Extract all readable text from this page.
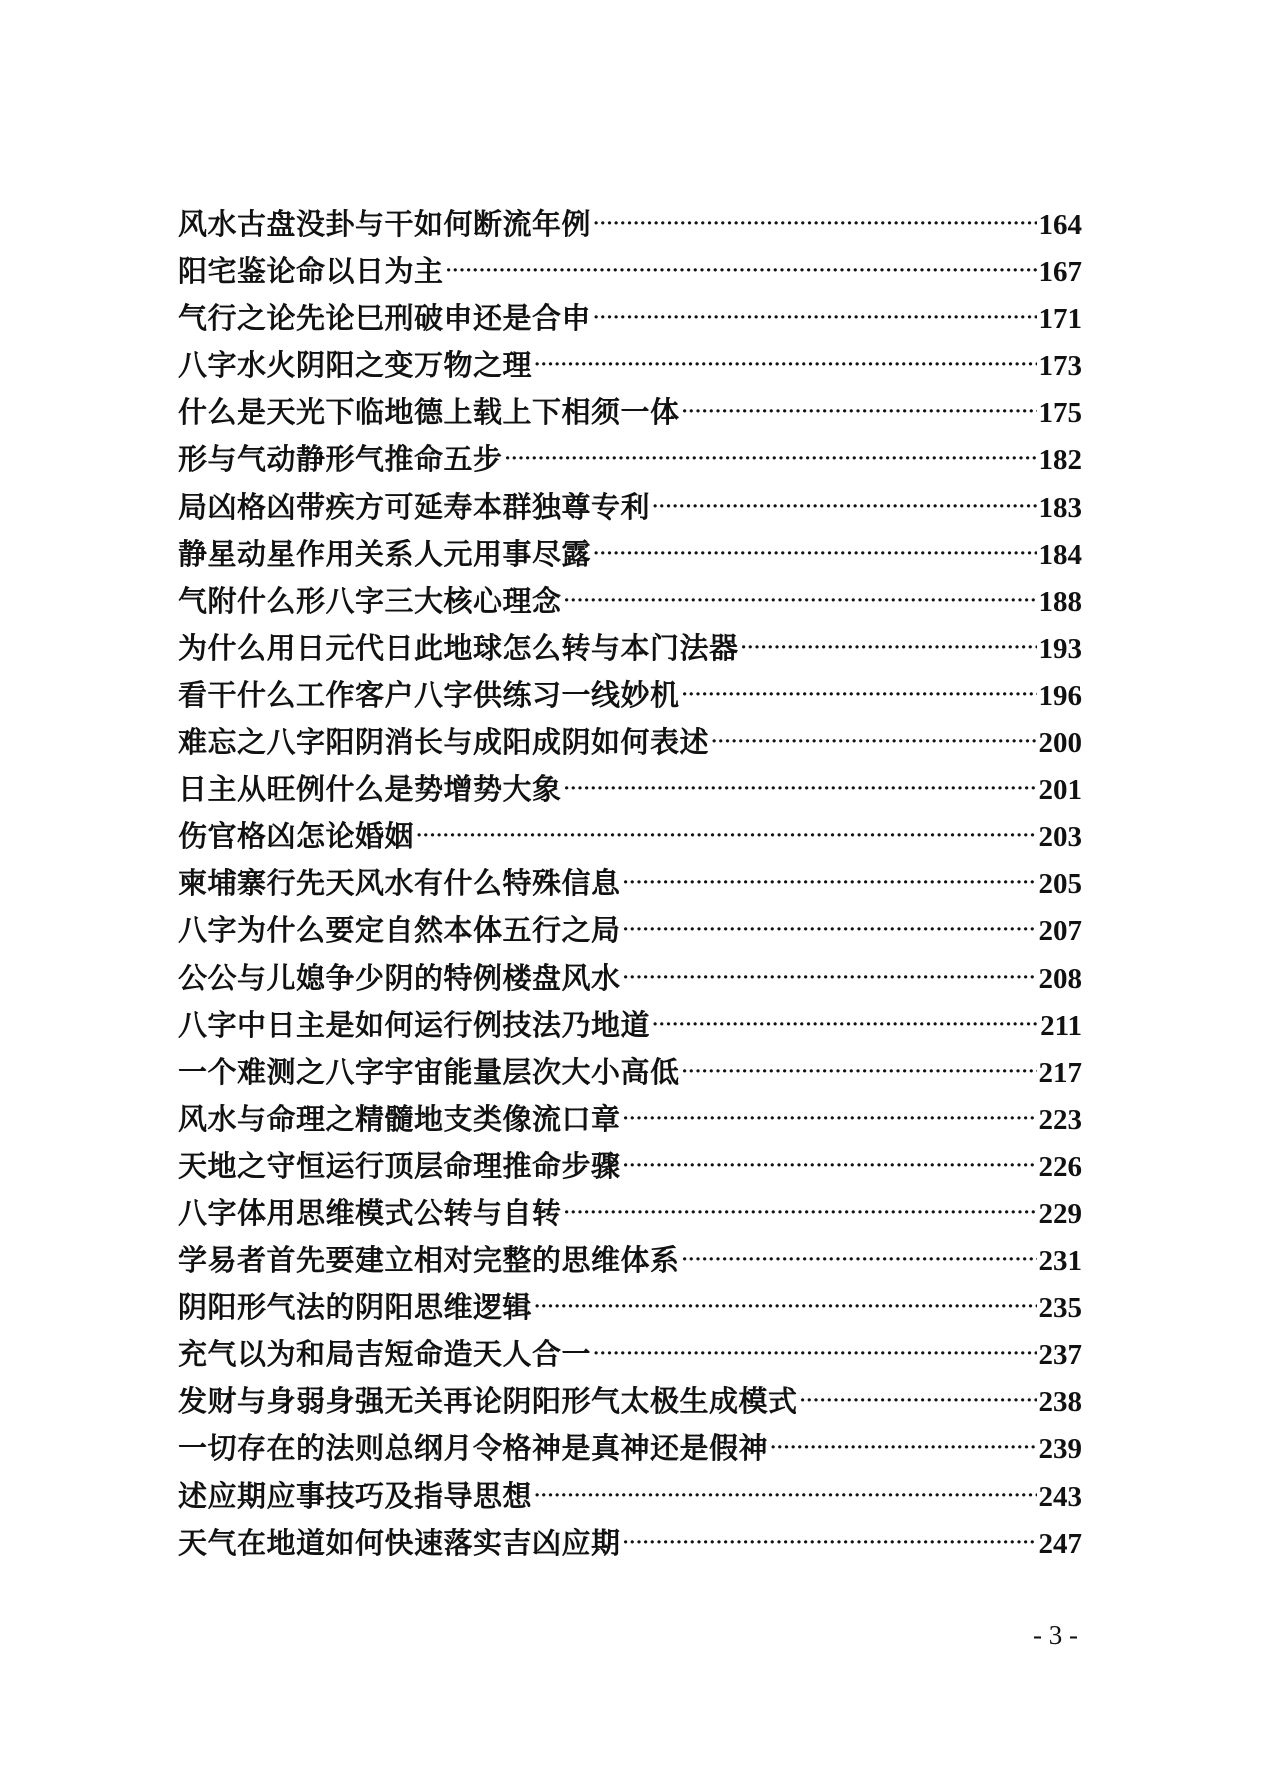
风水古盘没卦与干如何断流年例 ·····	164
阳宅鉴论命以日为主 ·····	167
气行之论先论巳刑破申还是合申 ·····	171
八字水火阴阳之变万物之理 ·····	173
什么是天光下临地德上载上下相须一体 ·····	175
形与气动静形气推命五步 ·····	182
局凶格凶带疾方可延寿本群独尊专利 ·····	183
静星动星作用关系人元用事尽露 ·····	184
气附什么形八字三大核心理念 ·····	188
为什么用日元代日此地球怎么转与本门法器 ·····	193
看干什么工作客户八字供练习一线妙机 ·····	196
难忘之八字阳阴消长与成阳成阴如何表述 ·····	200
日主从旺例什么是势增势大象 ·····	201
伤官格凶怎论婚姻 ·····	203
柬埔寨行先天风水有什么特殊信息 ·····	205
八字为什么要定自然本体五行之局 ·····	207
公公与儿媳争少阴的特例楼盘风水 ·····	208
八字中日主是如何运行例技法乃地道 ·····	211
一个难测之八字宇宙能量层次大小高低 ·····	217
风水与命理之精髓地支类像流口章 ·····	223
天地之守恒运行顶层命理推命步骤 ·····	226
八字体用思维模式公转与自转 ·····	229
学易者首先要建立相对完整的思维体系 ·····	231
阴阳形气法的阴阳思维逻辑 ·····	235
充气以为和局吉短命造天人合一 ·····	237
发财与身弱身强无关再论阴阳形气太极生成模式 ·····	238
一切存在的法则总纲月令格神是真神还是假神 ·····	239
述应期应事技巧及指导思想 ·····	243
天气在地道如何快速落实吉凶应期 ·····	247
- 3 -
